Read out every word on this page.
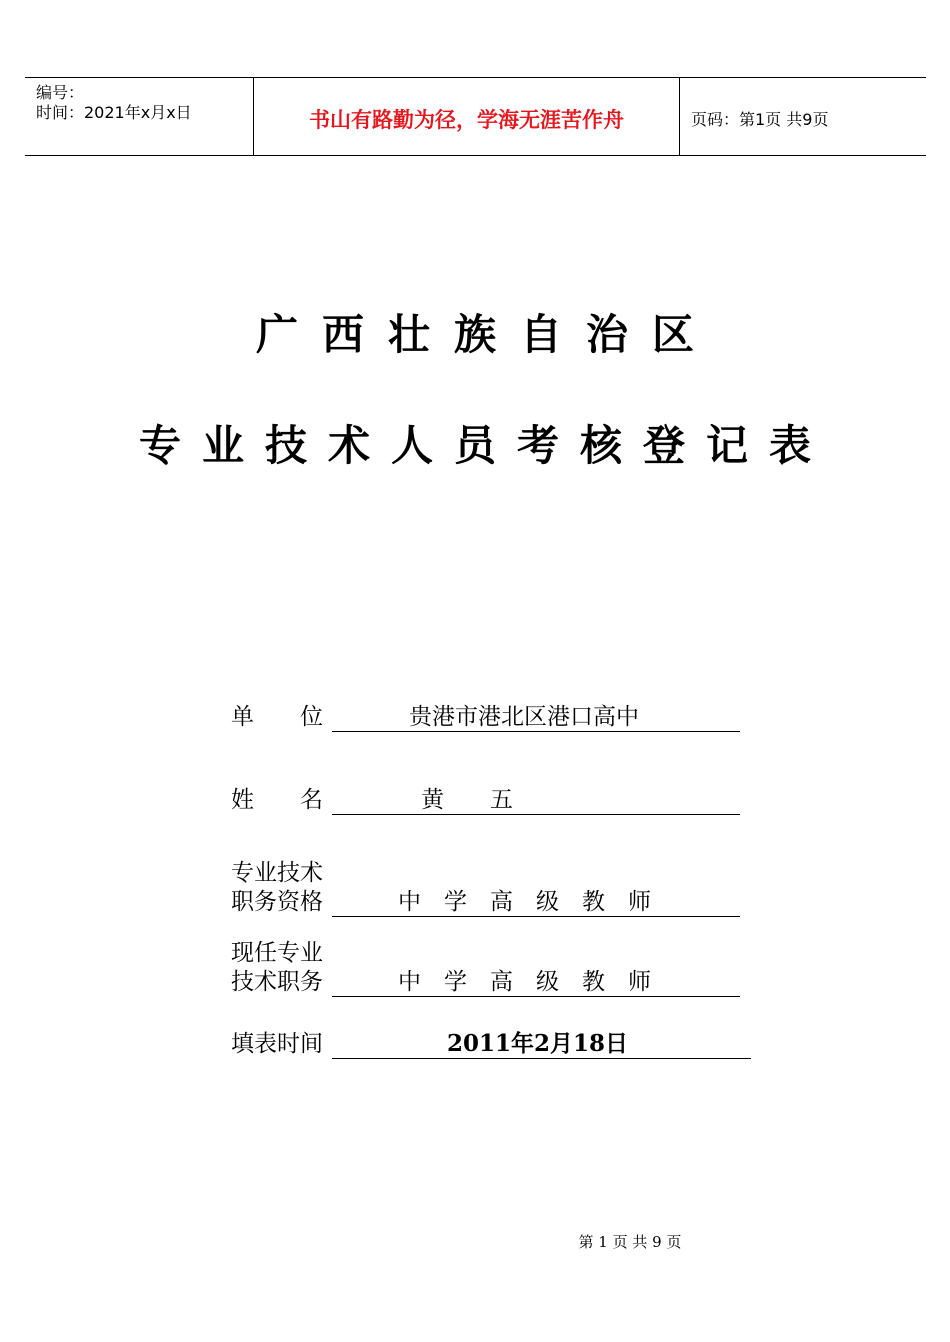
编号：
时间：2021年x月x日	书山有路勤为径，学海无涯苦作舟	页码：第1页 共9页
广西壮族自治区
专业技术人员考核登记表
单　　位	贵港市港北区港口高中
姓　　名	黄　　五
专业技术
职务资格	中　学　高　级　教　师
现任专业
技术职务	中　学　高　级　教　师
填表时间	2011年2月18日
第 1 页 共 9 页
